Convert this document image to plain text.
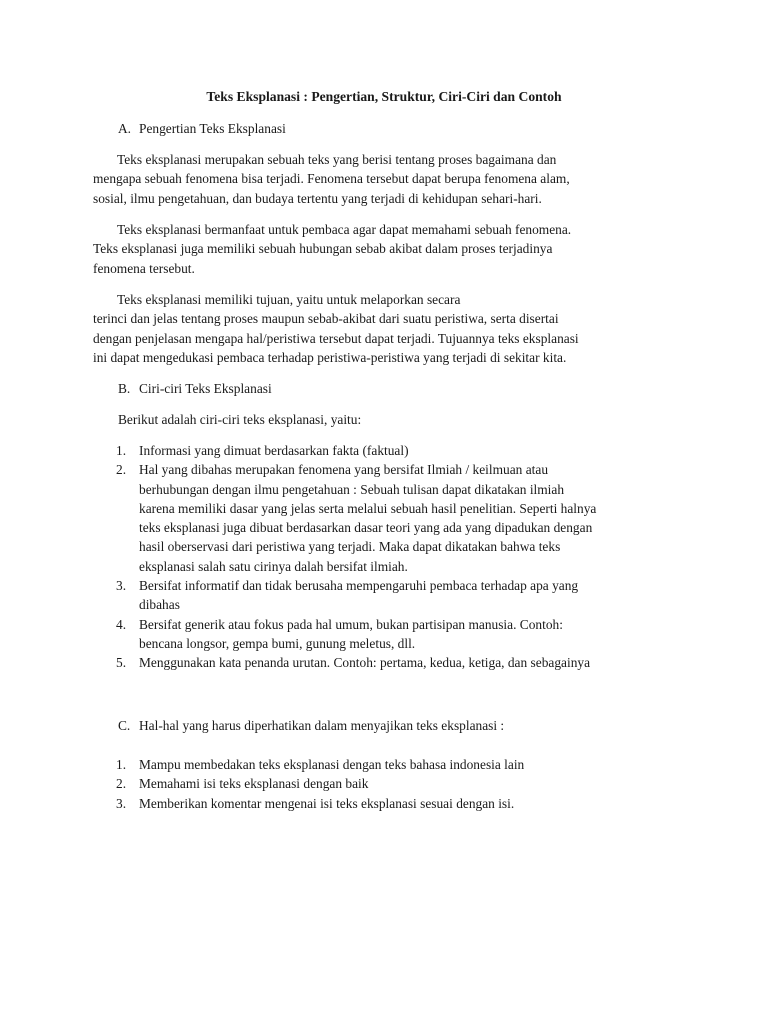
Teks Eksplanasi : Pengertian, Struktur, Ciri-Ciri dan Contoh
A. Pengertian Teks Eksplanasi
Teks eksplanasi merupakan sebuah teks yang berisi tentang proses bagaimana dan
mengapa sebuah fenomena bisa terjadi. Fenomena tersebut dapat berupa fenomena alam,
sosial, ilmu pengetahuan, dan budaya tertentu yang terjadi di kehidupan sehari-hari.
Teks eksplanasi bermanfaat untuk pembaca agar dapat memahami sebuah fenomena.
Teks eksplanasi juga memiliki sebuah hubungan sebab akibat dalam proses terjadinya
fenomena tersebut.
Teks eksplanasi memiliki tujuan, yaitu untuk melaporkan secara
terinci dan jelas tentang proses maupun sebab-akibat dari suatu peristiwa, serta disertai
dengan penjelasan mengapa hal/peristiwa tersebut dapat terjadi. Tujuannya teks eksplanasi
ini dapat mengedukasi pembaca terhadap peristiwa-peristiwa yang terjadi di sekitar kita.
B. Ciri-ciri Teks Eksplanasi
Berikut adalah ciri-ciri teks eksplanasi, yaitu:
1. Informasi yang dimuat berdasarkan fakta (faktual)
2. Hal yang dibahas merupakan fenomena yang bersifat Ilmiah / keilmuan atau
berhubungan dengan ilmu pengetahuan : Sebuah tulisan dapat dikatakan ilmiah
karena memiliki dasar yang jelas serta melalui sebuah hasil penelitian. Seperti halnya
teks eksplanasi juga dibuat berdasarkan dasar teori yang ada yang dipadukan dengan
hasil oberservasi dari peristiwa yang terjadi. Maka dapat dikatakan bahwa teks
eksplanasi salah satu cirinya dalah bersifat ilmiah.
3. Bersifat informatif dan tidak berusaha mempengaruhi pembaca terhadap apa yang
dibahas
4. Bersifat generik atau fokus pada hal umum, bukan partisipan manusia. Contoh:
bencana longsor, gempa bumi, gunung meletus, dll.
5. Menggunakan kata penanda urutan. Contoh: pertama, kedua, ketiga, dan sebagainya
C. Hal-hal yang harus diperhatikan dalam menyajikan teks eksplanasi :
1. Mampu membedakan teks eksplanasi dengan teks bahasa indonesia lain
2. Memahami isi teks eksplanasi dengan baik
3. Memberikan komentar mengenai isi teks eksplanasi sesuai dengan isi.
